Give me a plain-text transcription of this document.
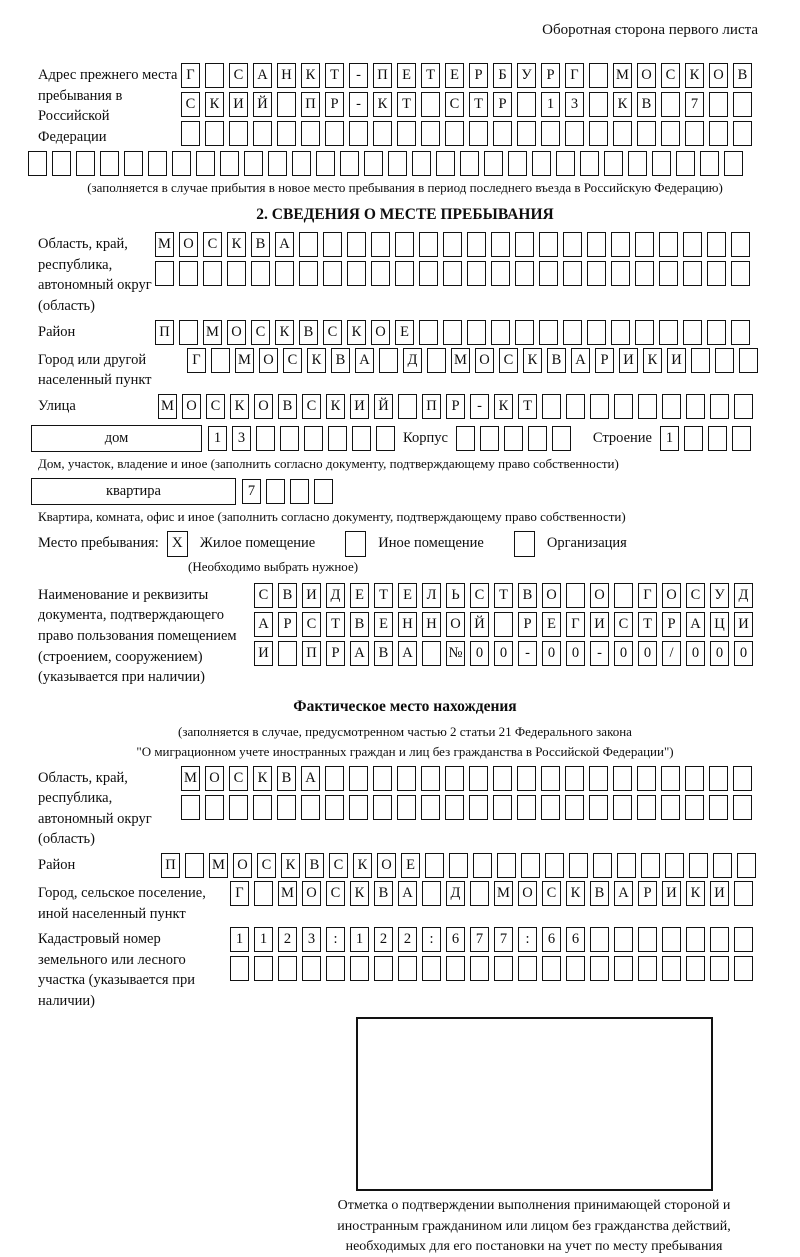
Оборотная сторона первого листа
Адрес прежнего места пребывания в Российской Федерации
Г	С А Н К	Т	-	П Е	Т	Е	Р	Б	У	Р	Г	М О С К О В
С К И Й	П	Р	-	К	Т	С	Т	Р	1	3	К В	7
(заполняется в случае прибытия в новое место пребывания в период последнего въезда в Российскую Федерацию)
2. СВЕДЕНИЯ О МЕСТЕ ПРЕБЫВАНИЯ
Область, край, республика, автономный округ (область)
М О С К В А
Район	П	М О С К В С К О Е
Город или другой населенный пункт
Г	М О С К В А	Д	М О С К В А	Р	И К И
Улица	М О С К О В С К И Й	П	Р	-	К	Т
дом	1	3	Корпус	Строение 1
Дом, участок, владение и иное (заполнить согласно документу, подтверждающему право собственности)
квартира	7
Квартира, комната, офис и иное (заполнить согласно документу, подтверждающему право собственности)
Место пребывания: X	Жилое помещение	Иное помещение	Организация
(Необходимо выбрать нужное)
Наименование и реквизиты документа, подтверждающего право пользования помещением (строением, сооружением) (указывается при наличии)
С В И Д	Е	Т	Е	Л	Ь	С	Т	В О	О	Г	О С У Д
А	Р	С	Т	В	Е Н Н О Й	Р	Е	Г	И С	Т	Р	А Ц И
И	П	Р	А В А № 0	0	-	0	0	-	0	0	/	0	0	0
Фактическое место нахождения
(заполняется в случае, предусмотренном частью 2 статьи 21 Федерального закона
"О миграционном учете иностранных граждан и лиц без гражданства в Российской Федерации")
Область, край, республика, автономный округ (область)
М О С К В А
Район	П	М О С К В С К О Е
Город, сельское поселение, иной населенный пункт
Г	М О С К В А	Д	М О С К В А	Р	И К И
Кадастровый номер земельного или лесного участка (указывается при наличии)
1	1	2	3	:	1	2	2	:	6	7	7	:	6	6
Отметка о подтверждении выполнения принимающей стороной и иностранным гражданином или лицом без гражданства действий, необходимых для его постановки на учет по месту пребывания
